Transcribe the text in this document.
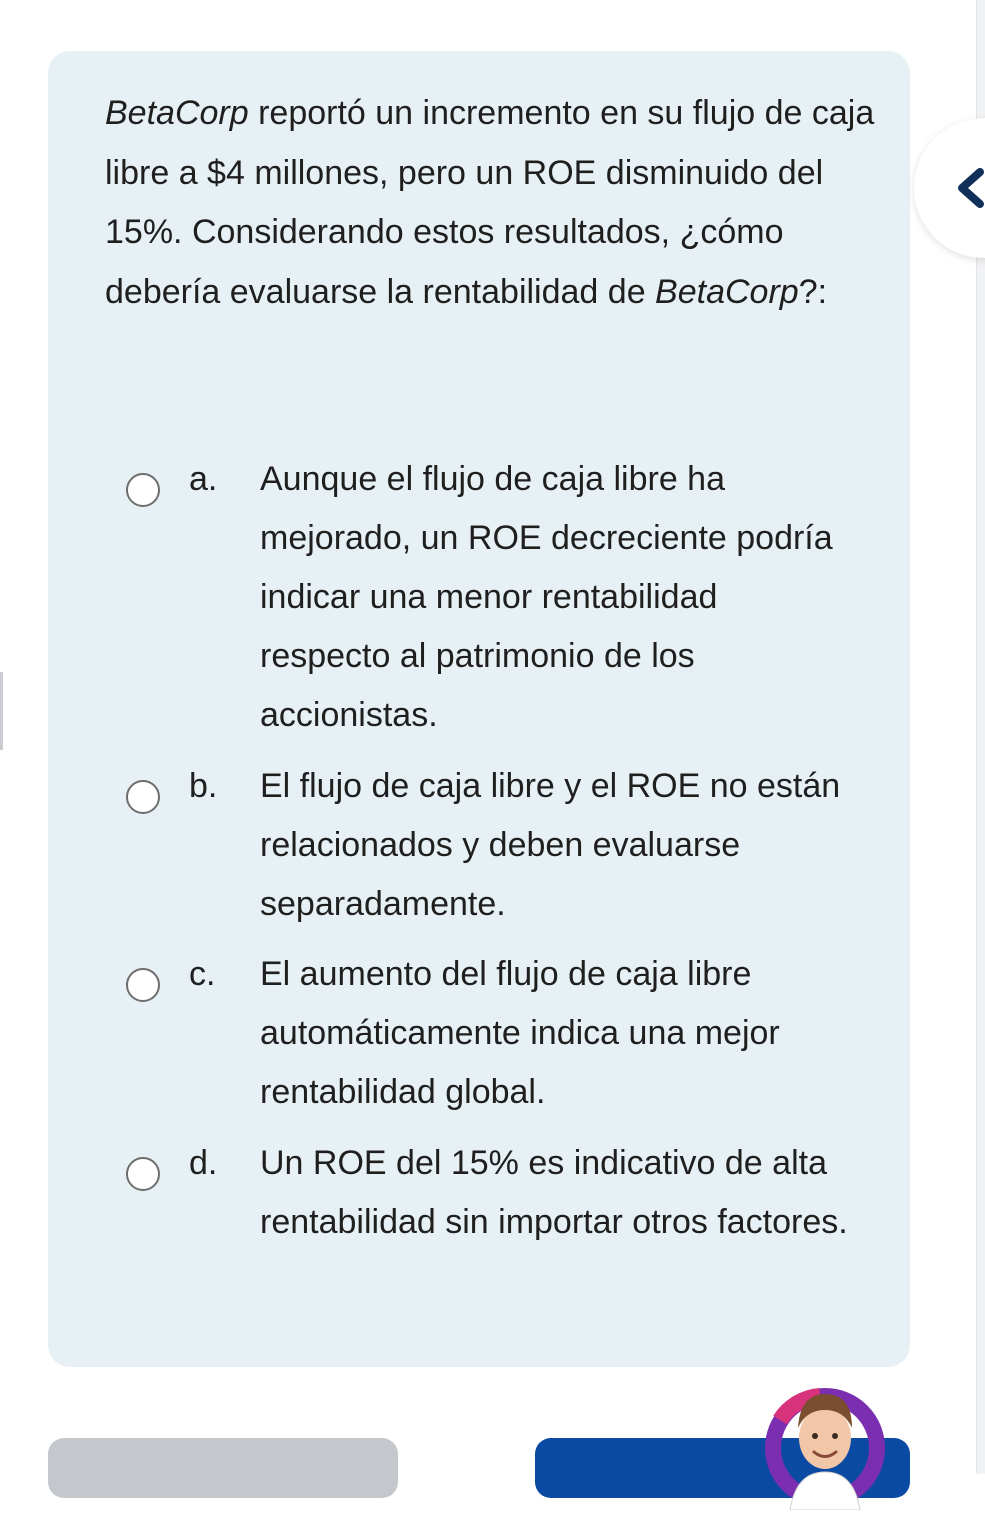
BetaCorp reportó un incremento en su flujo de caja libre a $4 millones, pero un ROE disminuido del 15%. Considerando estos resultados, ¿cómo debería evaluarse la rentabilidad de BetaCorp?:

a. Aunque el flujo de caja libre ha mejorado, un ROE decreciente podría indicar una menor rentabilidad respecto al patrimonio de los accionistas.
b. El flujo de caja libre y el ROE no están relacionados y deben evaluarse separadamente.
c. El aumento del flujo de caja libre automáticamente indica una mejor rentabilidad global.
d. Un ROE del 15% es indicativo de alta rentabilidad sin importar otros factores.
